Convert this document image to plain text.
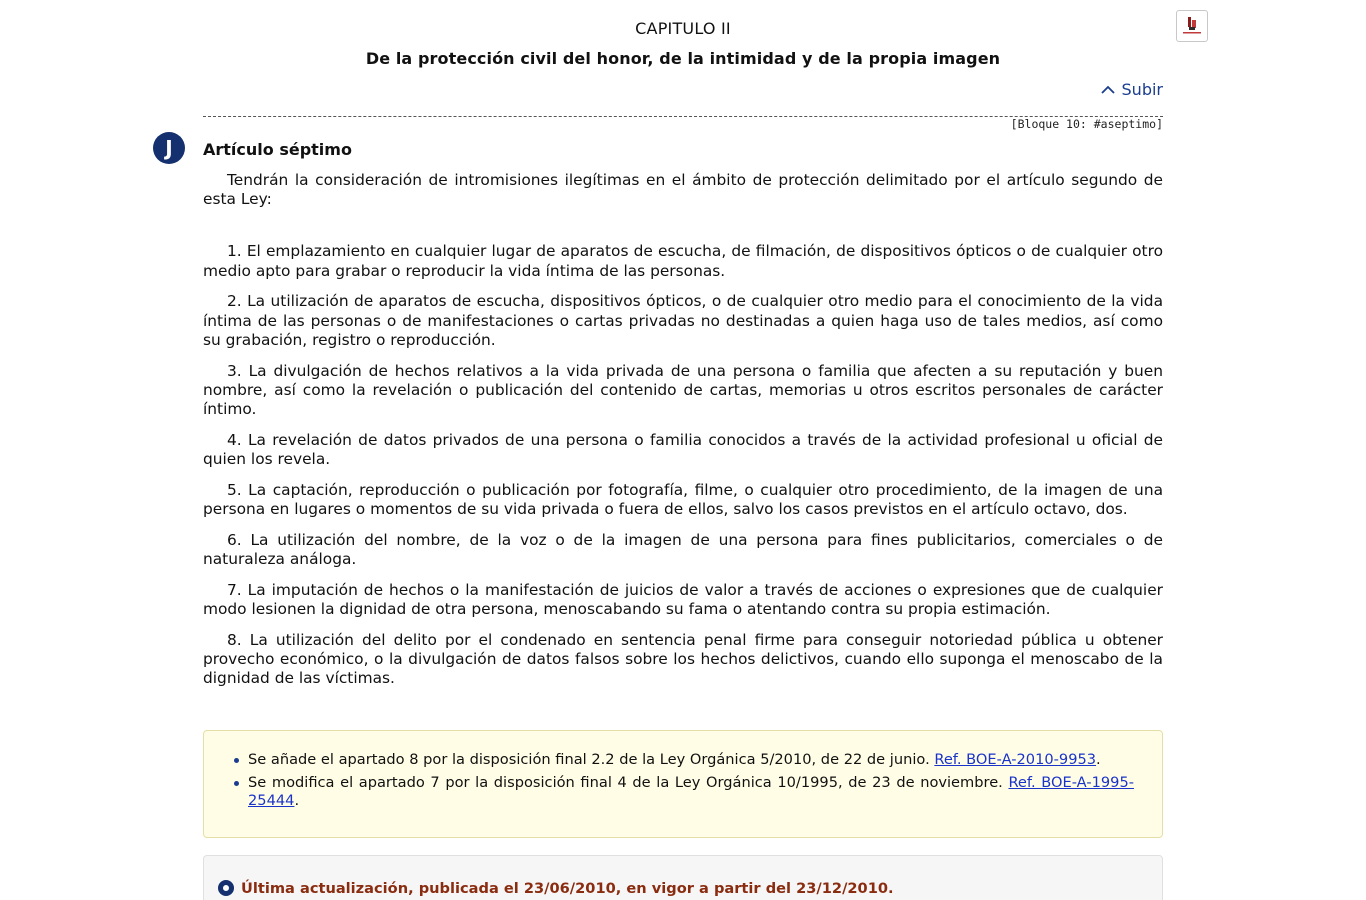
J
CAPITULO II
De la protección civil del honor, de la intimidad y de la propia imagen
Subir
[Bloque 10: #aseptimo]
Artículo séptimo

Tendrán la consideración de intromisiones ilegítimas en el ámbito de protección delimitado por el artículo segundo de esta Ley:

1. El emplazamiento en cualquier lugar de aparatos de escucha, de filmación, de dispositivos ópticos o de cualquier otro medio apto para grabar o reproducir la vida íntima de las personas.

2. La utilización de aparatos de escucha, dispositivos ópticos, o de cualquier otro medio para el conocimiento de la vida íntima de las personas o de manifestaciones o cartas privadas no destinadas a quien haga uso de tales medios, así como su grabación, registro o reproducción.

3. La divulgación de hechos relativos a la vida privada de una persona o familia que afecten a su reputación y buen nombre, así como la revelación o publicación del contenido de cartas, memorias u otros escritos personales de carácter íntimo.

4. La revelación de datos privados de una persona o familia conocidos a través de la actividad profesional u oficial de quien los revela.

5. La captación, reproducción o publicación por fotografía, filme, o cualquier otro procedimiento, de la imagen de una persona en lugares o momentos de su vida privada o fuera de ellos, salvo los casos previstos en el artículo octavo, dos.

6. La utilización del nombre, de la voz o de la imagen de una persona para fines publicitarios, comerciales o de naturaleza análoga.

7. La imputación de hechos o la manifestación de juicios de valor a través de acciones o expresiones que de cualquier modo lesionen la dignidad de otra persona, menoscabando su fama o atentando contra su propia estimación.

8. La utilización del delito por el condenado en sentencia penal firme para conseguir notoriedad pública u obtener provecho económico, o la divulgación de datos falsos sobre los hechos delictivos, cuando ello suponga el menoscabo de la dignidad de las víctimas.

Se añade el apartado 8 por la disposición final 2.2 de la Ley Orgánica 5/2010, de 22 de junio. Ref. BOE-A-2010-9953.
Se modifica el apartado 7 por la disposición final 4 de la Ley Orgánica 10/1995, de 23 de noviembre. Ref. BOE-A-1995-25444.
Última actualización, publicada el 23/06/2010, en vigor a partir del 23/12/2010.
